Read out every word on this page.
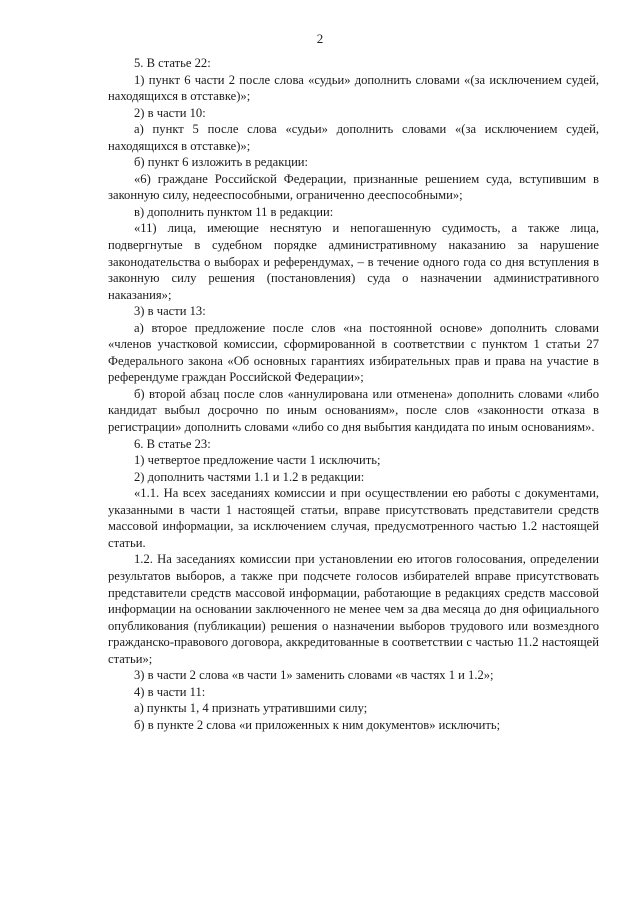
2

5. В статье 22:

1) пункт 6 части 2 после слова «судьи» дополнить словами «(за исключением судей, находящихся в отставке)»;

2) в части 10:

а) пункт 5 после слова «судьи» дополнить словами «(за исключением судей, находящихся в отставке)»;

б) пункт 6 изложить в редакции:

«6) граждане Российской Федерации, признанные решением суда, вступившим в законную силу, недееспособными, ограниченно дееспособными»;

в) дополнить пунктом 11 в редакции:

«11) лица, имеющие неснятую и непогашенную судимость, а также лица, подвергнутые в судебном порядке административному наказанию за нарушение законодательства о выборах и референдумах, – в течение одного года со дня вступления в законную силу решения (постановления) суда о назначении административного наказания»;

3) в части 13:

а) второе предложение после слов «на постоянной основе» дополнить словами «членов участковой комиссии, сформированной в соответствии с пунктом 1 статьи 27 Федерального закона «Об основных гарантиях избирательных прав и права на участие в референдуме граждан Российской Федерации»;

б) второй абзац после слов «аннулирована или отменена» дополнить словами «либо кандидат выбыл досрочно по иным основаниям», после слов «законности отказа в регистрации» дополнить словами «либо со дня выбытия кандидата по иным основаниям».

6. В статье 23:

1) четвертое предложение части 1 исключить;

2) дополнить частями 1.1 и 1.2 в редакции:

«1.1. На всех заседаниях комиссии и при осуществлении ею работы с документами, указанными в части 1 настоящей статьи, вправе присутствовать представители средств массовой информации, за исключением случая, предусмотренного частью 1.2 настоящей статьи.

1.2. На заседаниях комиссии при установлении ею итогов голосования, определении результатов выборов, а также при подсчете голосов избирателей вправе присутствовать представители средств массовой информации, работающие в редакциях средств массовой информации на основании заключенного не менее чем за два месяца до дня официального опубликования (публикации) решения о назначении выборов трудового или возмездного гражданско-правового договора, аккредитованные в соответствии с частью 11.2 настоящей статьи»;

3) в части 2 слова «в части 1» заменить словами «в частях 1 и 1.2»;

4) в части 11:

а) пункты 1, 4 признать утратившими силу;

б) в пункте 2 слова «и приложенных к ним документов» исключить;
